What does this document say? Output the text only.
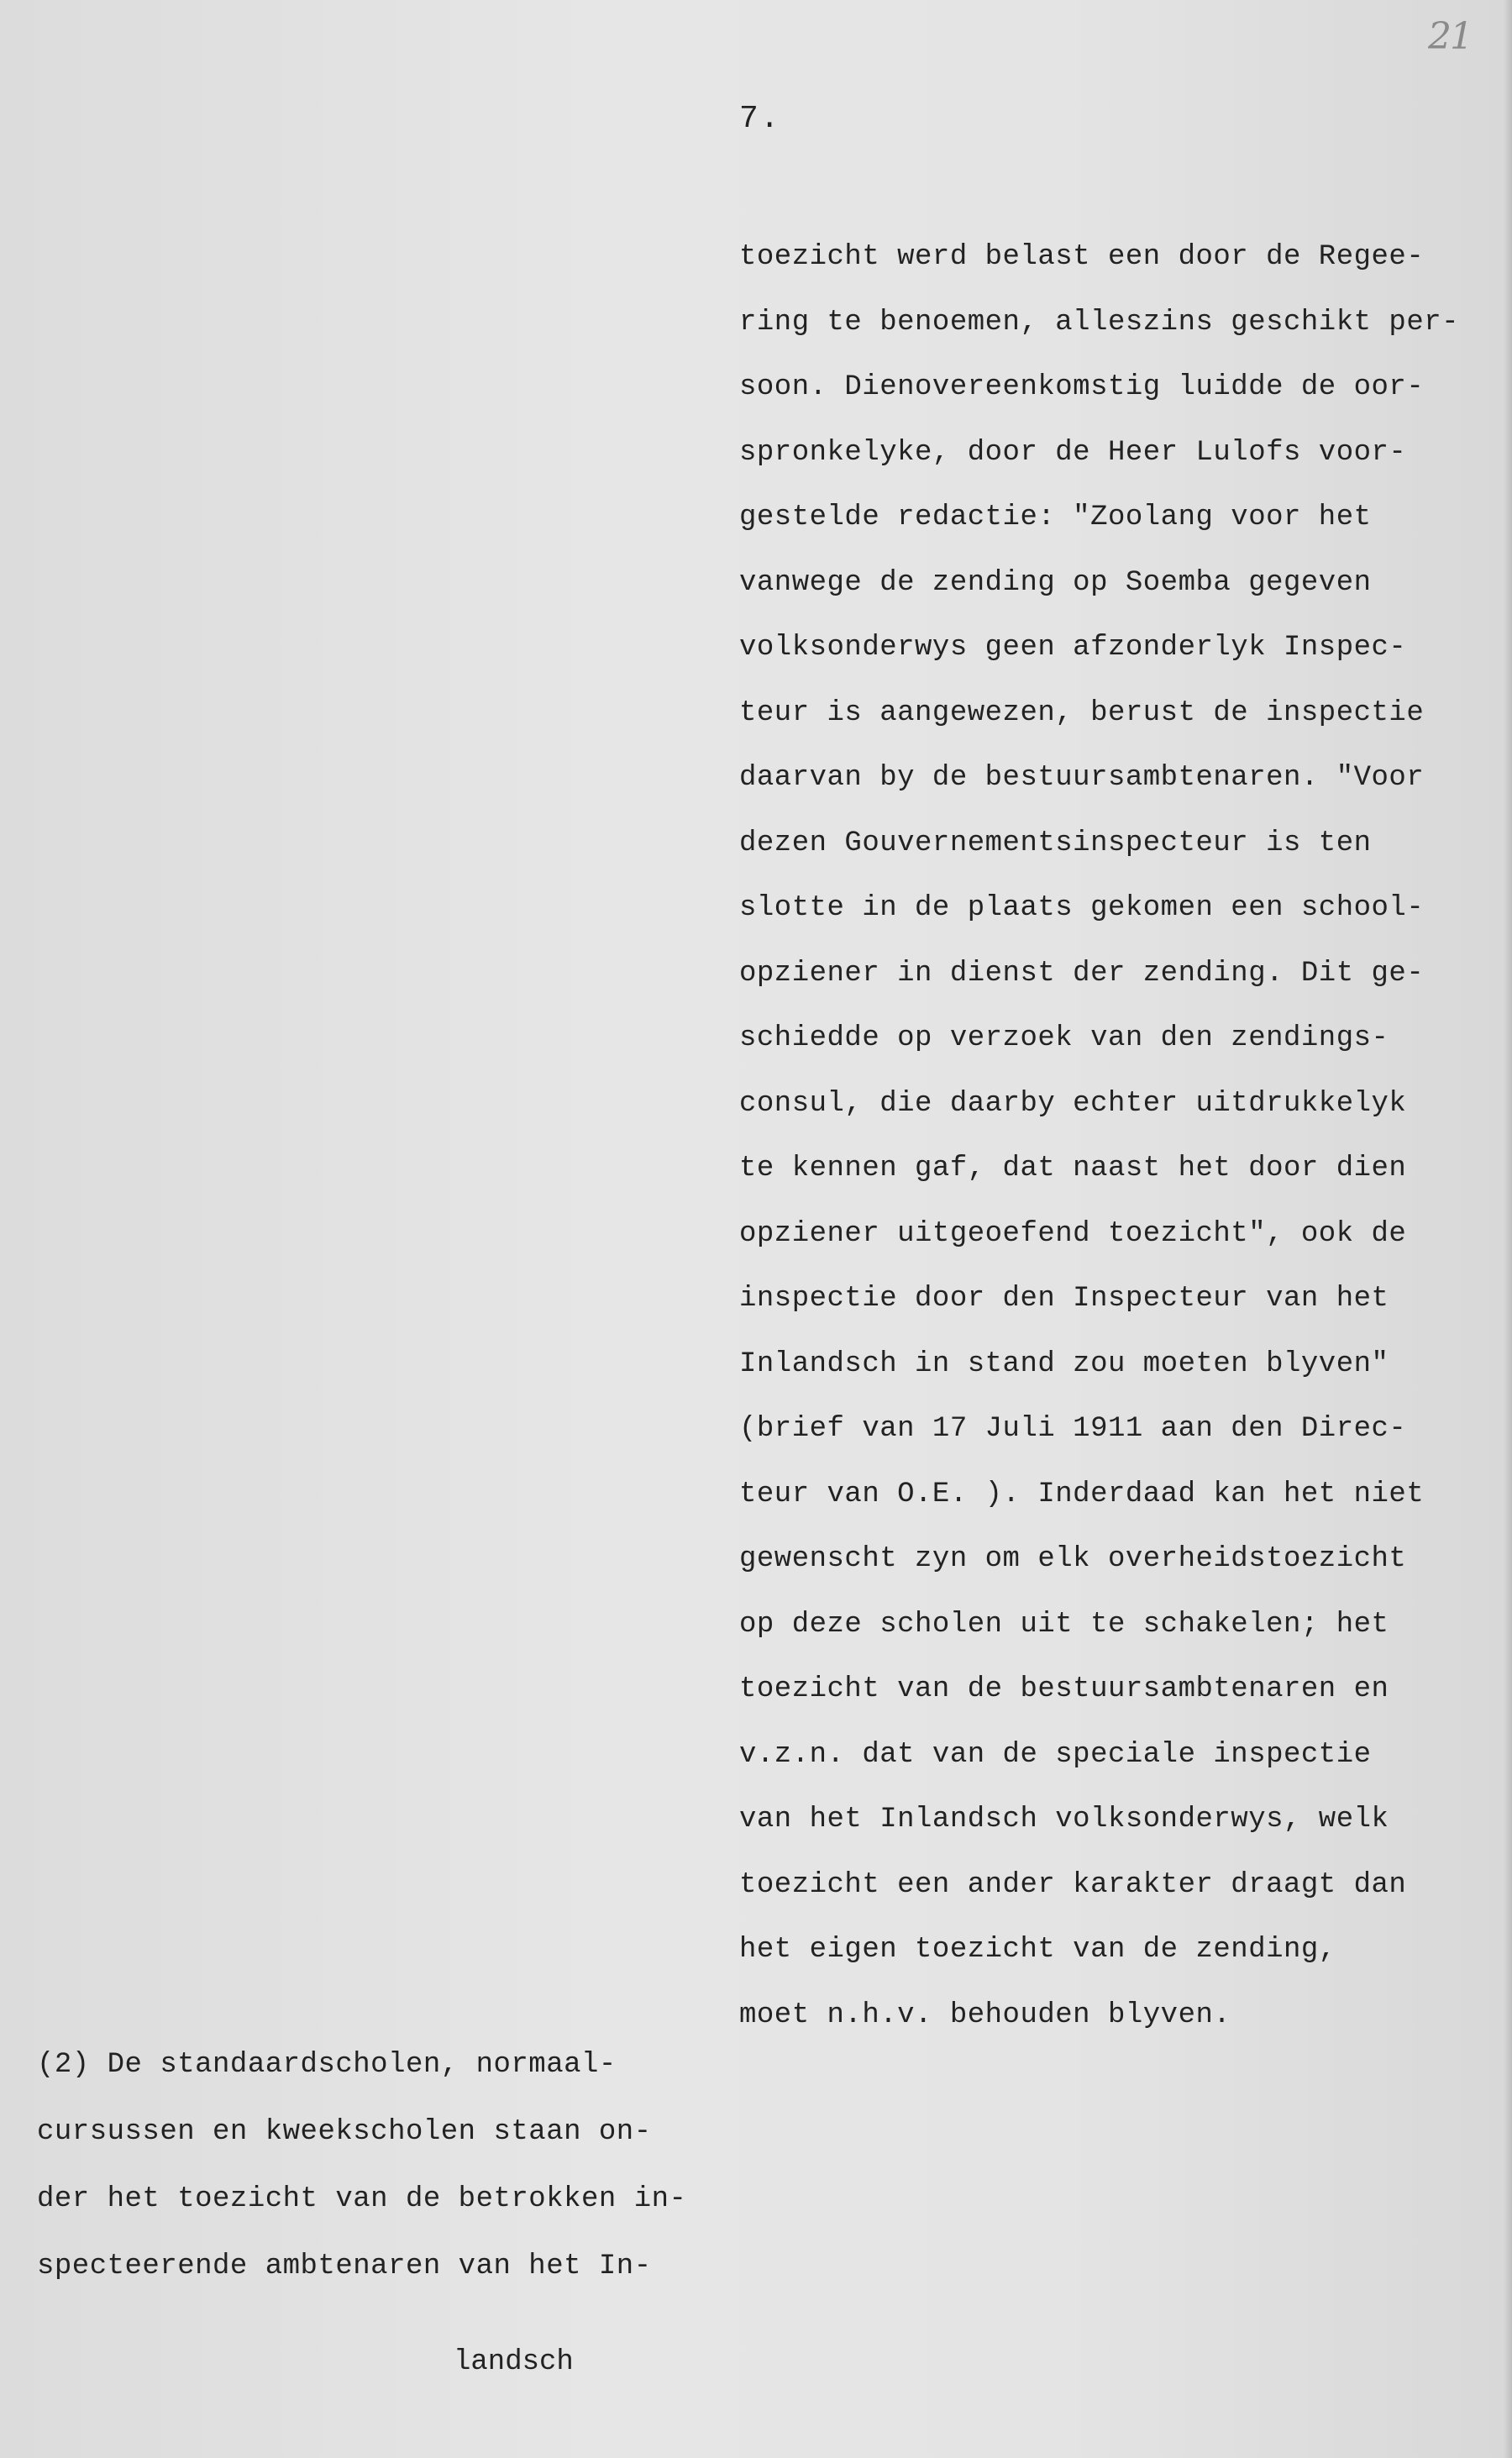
21
7.
toezicht werd belast een door de Regee-
ring te benoemen, alleszins geschikt per-
soon. Dienovereenkomstig luidde de oor-
spronkelyke, door de Heer Lulofs voor-
gestelde redactie: "Zoolang voor het
vanwege de zending op Soemba gegeven
volksonderwys geen afzonderlyk Inspec-
teur is aangewezen, berust de inspectie
daarvan by de bestuursambtenaren. "Voor
dezen Gouvernementsinspecteur is ten
slotte in de plaats gekomen een school-
opziener in dienst der zending. Dit ge-
schiedde op verzoek van den zendings-
consul, die daarby echter uitdrukkelyk
te kennen gaf, dat naast het door dien
opziener uitgeoefend toezicht", ook de
inspectie door den Inspecteur van het
Inlandsch in stand zou moeten blyven"
(brief van 17 Juli 1911 aan den Direc-
teur van O.E. ). Inderdaad kan het niet
gewenscht zyn om elk overheidstoezicht
op deze scholen uit te schakelen; het
toezicht van de bestuursambtenaren en
v.z.n. dat van de speciale inspectie
van het Inlandsch volksonderwys, welk
toezicht een ander karakter draagt dan
het eigen toezicht van de zending,
moet n.h.v. behouden blyven.
(2) De standaardscholen, normaal-
cursussen en kweekscholen staan on-
der het toezicht van de betrokken in-
specteerende ambtenaren van het In-
landsch
